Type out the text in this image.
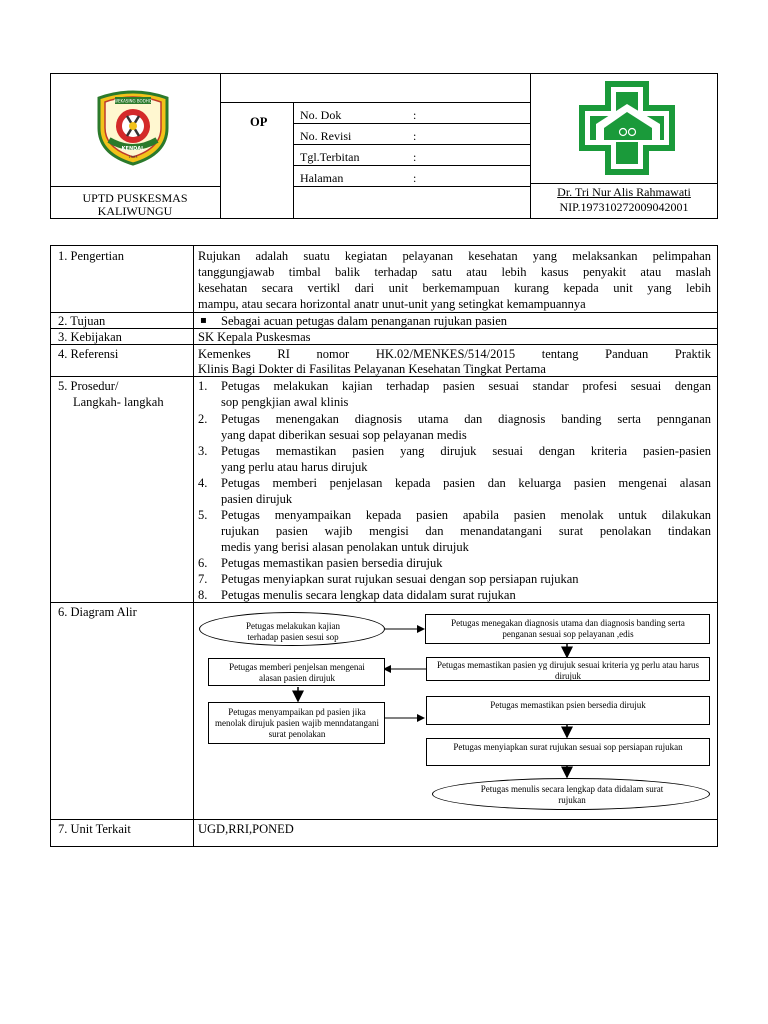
WEKASING BODHO
KENDAL
1993
UPTD PUSKESMAS
KALIWUNGU
OP	No. Dok	:
No. Revisi	:
Tgl.Terbitan	:
Halaman	:
Dr. Tri Nur Alis Rahmawati
NIP.197310272009042001
1. Pengertian	Rujukan adalah suatu kegiatan pelayanan kesehatan yang melaksankan pelimpahan
tanggungjawab timbal balik terhadap satu atau lebih kasus penyakit atau maslah
kesehatan secara vertikl dari unit berkemampuan kurang kepada unit yang lebih
mampu, atau secara horizontal anatr unut-unit yang setingkat kemampuannya
2. Tujuan	▪ Sebagai acuan petugas dalam penanganan rujukan pasien
3. Kebijakan	SK Kepala Puskesmas
4. Referensi	Kemenkes RI nomor HK.02/MENKES/514/2015 tentang Panduan Praktik
Klinis Bagi Dokter di Fasilitas Pelayanan Kesehatan Tingkat Pertama
5. Prosedur/
Langkah- langkah
1. Petugas melakukan kajian terhadap pasien sesuai standar profesi sesuai dengan
sop pengkjian awal klinis
2. Petugas menengakan diagnosis utama dan diagnosis banding serta pennganan
yang dapat diberikan sesuai sop pelayanan medis
3. Petugas memastikan pasien yang dirujuk sesuai dengan kriteria pasien-pasien
yang perlu atau harus dirujuk
4. Petugas memberi penjelasan kepada pasien dan keluarga pasien mengenai alasan
pasien dirujuk
5. Petugas menyampaikan kepada pasien apabila pasien menolak untuk dilakukan
rujukan pasien wajib mengisi dan menandatangani surat penolakan tindakan
medis yang berisi alasan penolakan untuk dirujuk
6. Petugas memastikan pasien bersedia dirujuk
7. Petugas menyiapkan surat rujukan sesuai dengan sop persiapan rujukan
8. Petugas menulis secara lengkap data didalam surat rujukan
6. Diagram Alir
Petugas melakukan kajian terhadap pasien sesui sop
Petugas menegakan diagnosis utama dan diagnosis banding serta penganan sesuai sop pelayanan ,edis
Petugas memastikan pasien yg dirujuk sesuai kriteria yg perlu atau harus dirujuk
Petugas memberi penjelsan mengenai alasan pasien dirujuk
Petugas menyampaikan pd pasien jika menolak dirujuk pasien wajib menndatangani surat penolakan
Petugas memastikan psien bersedia dirujuk
Petugas menyiapkan surat rujukan sesuai sop persiapan rujukan
Petugas menulis secara lengkap data didalam surat rujukan
7. Unit Terkait	UGD,RRI,PONED
